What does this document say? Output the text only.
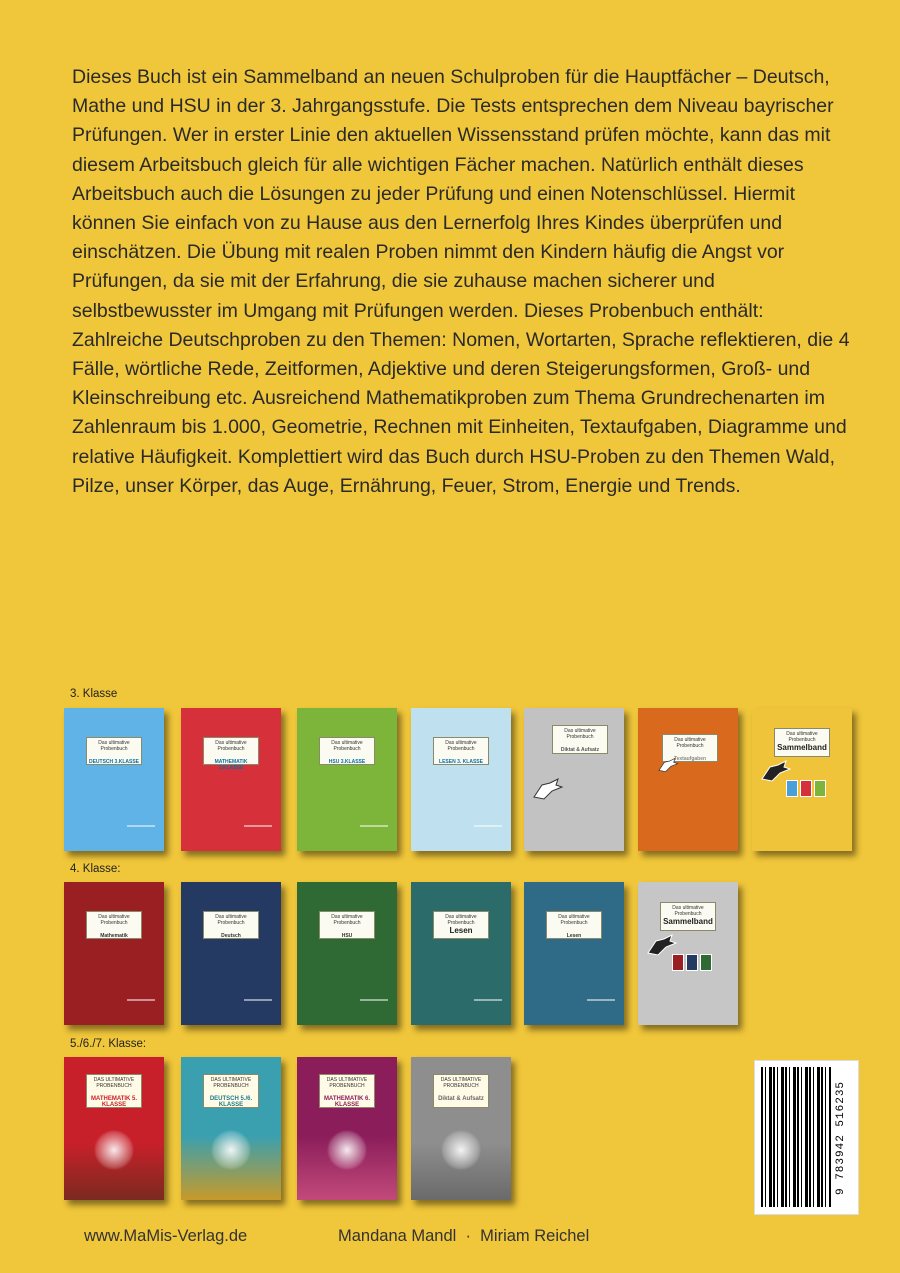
Dieses Buch ist ein Sammelband an neuen Schulproben für die Hauptfächer – Deutsch, Mathe und HSU in der 3. Jahrgangsstufe. Die Tests entsprechen dem Niveau bayrischer Prüfungen. Wer in erster Linie den aktuellen Wissensstand prüfen möchte, kann das mit diesem Arbeitsbuch gleich für alle wichtigen Fächer machen. Natürlich enthält dieses Arbeitsbuch auch die Lösungen zu jeder Prüfung und einen Notenschlüssel. Hiermit können Sie einfach von zu Hause aus den Lernerfolg Ihres Kindes überprüfen und einschätzen. Die Übung mit realen Proben nimmt den Kindern häufig die Angst vor Prüfungen, da sie mit der Erfahrung, die sie zuhause machen sicherer und selbstbewusster im Umgang mit Prüfungen werden. Dieses Probenbuch enthält: Zahlreiche Deutschproben zu den Themen: Nomen, Wortarten, Sprache reflektieren, die 4 Fälle, wörtliche Rede, Zeitformen, Adjektive und deren Steigerungsformen, Groß- und Kleinschreibung etc. Ausreichend Mathematikproben zum Thema Grundrechenarten im Zahlenraum bis 1.000, Geometrie, Rechnen mit Einheiten, Textaufgaben, Diagramme und relative Häufigkeit. Komplettiert wird das Buch durch HSU-Proben zu den Themen Wald, Pilze, unser Körper, das Auge, Ernährung, Feuer, Strom, Energie und Trends.

3. Klasse
Das ultimative Probenbuch
DEUTSCH 3.KLASSE
Das ultimative Probenbuch
MATHEMATIK 3.KLASSE
Das ultimative Probenbuch
HSU 3.KLASSE
Das ultimative Probenbuch
LESEN 3. KLASSE
Das ultimative Probenbuch
Diktat & Aufsatz
Das ultimative Probenbuch
Textaufgaben
Das ultimative Probenbuch
Sammelband
4. Klasse:
Das ultimative Probenbuch
Mathematik
Das ultimative Probenbuch
Deutsch
Das ultimative Probenbuch
HSU
Das ultimative Probenbuch
Lesen
Das ultimative Probenbuch
Lesen
Das ultimative Probenbuch
Sammelband
5./6./7. Klasse:
DAS ULTIMATIVE PROBENBUCH
MATHEMATIK 5. KLASSE
DAS ULTIMATIVE PROBENBUCH
DEUTSCH 5./6. KLASSE
DAS ULTIMATIVE PROBENBUCH
MATHEMATIK 6. KLASSE
DAS ULTIMATIVE PROBENBUCH
Diktat & Aufsatz	9 783942 516235
www.MaMis-Verlag.de	Mandana Mandl  ·  Miriam Reichel
